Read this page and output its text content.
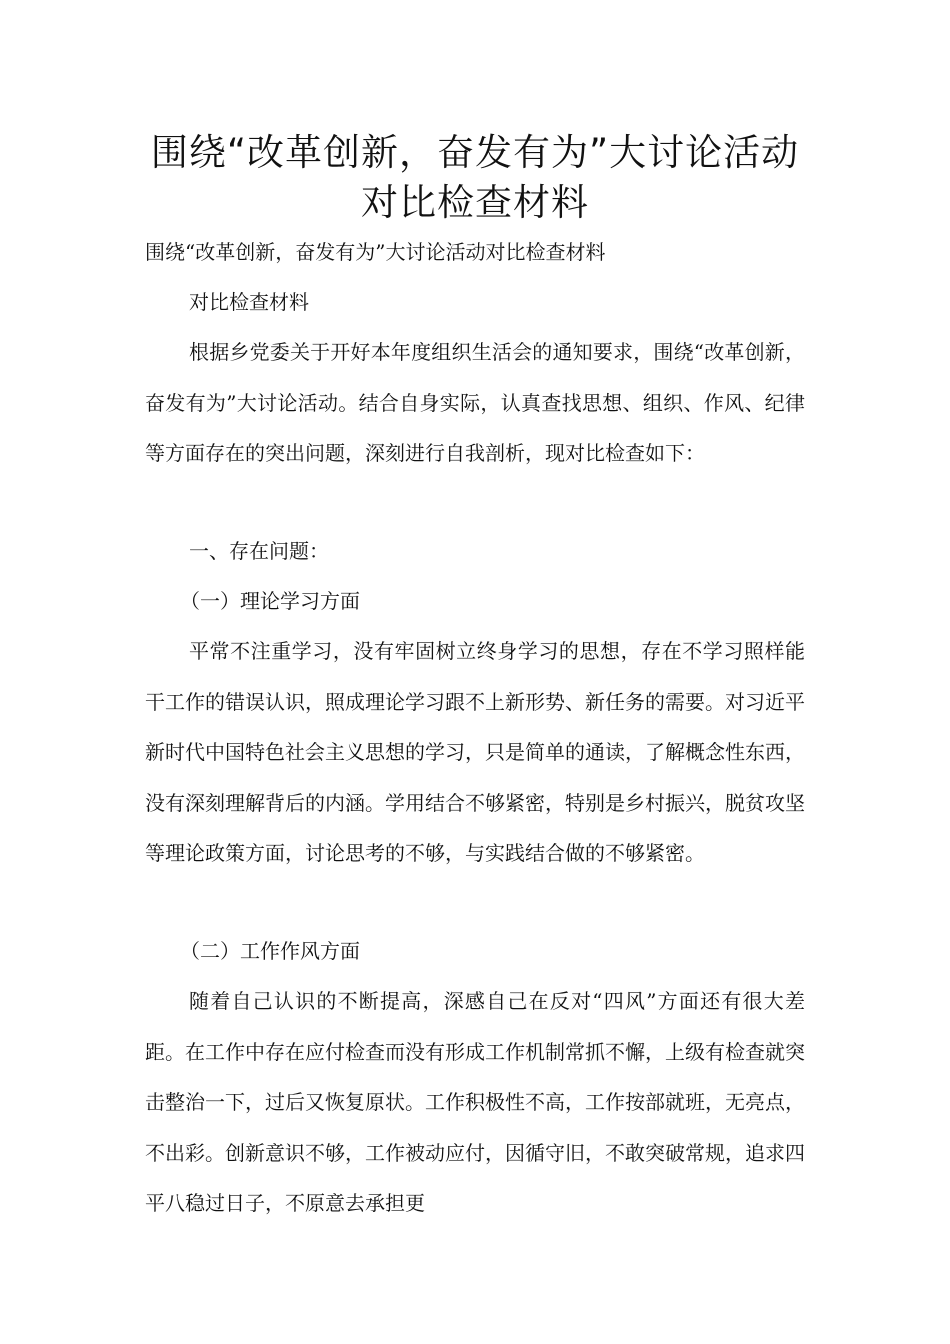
围绕“改革创新，奋发有为”大讨论活动对比检查材料

围绕“改革创新，奋发有为”大讨论活动对比检查材料

对比检查材料

根据乡党委关于开好本年度组织生活会的通知要求，围绕“改革创新，奋发有为”大讨论活动。结合自身实际，认真查找思想、组织、作风、纪律等方面存在的突出问题，深刻进行自我剖析，现对比检查如下：

一、存在问题：

（一）理论学习方面

平常不注重学习，没有牢固树立终身学习的思想，存在不学习照样能干工作的错误认识，照成理论学习跟不上新形势、新任务的需要。对习近平新时代中国特色社会主义思想的学习，只是简单的通读，了解概念性东西，没有深刻理解背后的内涵。学用结合不够紧密，特别是乡村振兴，脱贫攻坚等理论政策方面，讨论思考的不够，与实践结合做的不够紧密。

（二）工作作风方面

随着自己认识的不断提高，深感自己在反对“四风”方面还有很大差距。在工作中存在应付检查而没有形成工作机制常抓不懈，上级有检查就突击整治一下，过后又恢复原状。工作积极性不高，工作按部就班，无亮点，不出彩。创新意识不够，工作被动应付，因循守旧，不敢突破常规，追求四平八稳过日子，不原意去承担更
